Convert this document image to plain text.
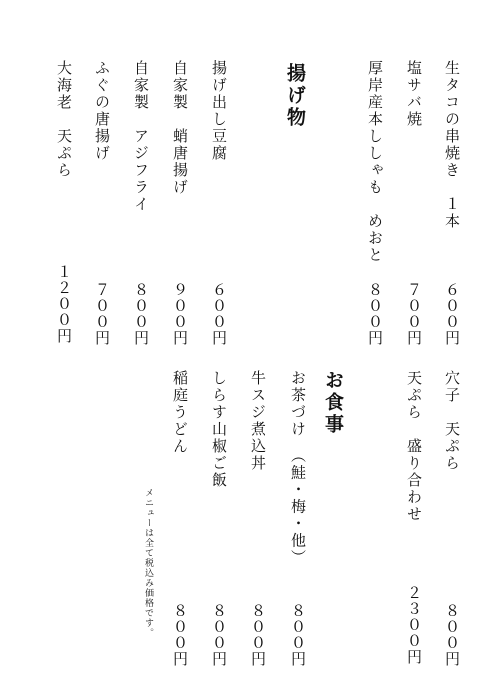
生タコの串焼き　１本
６００円
塩サバ焼
７００円
厚岸産本ししゃも　めおと
８００円
揚げ物
揚げ出し豆腐
６００円
自家製　蛸唐揚げ
９００円
自家製　アジフライ
８００円
ふぐの唐揚げ
７００円
大海老　天ぷら
１２００円
穴子　天ぷら
８００円
天ぷら　盛り合わせ
２３００円
お食事
お茶づけ　（鮭・梅・他）
８００円
牛スジ煮込丼
８００円
しらす山椒ご飯
８００円
稲庭うどん
８００円
メニューは全て税込み価格です。
